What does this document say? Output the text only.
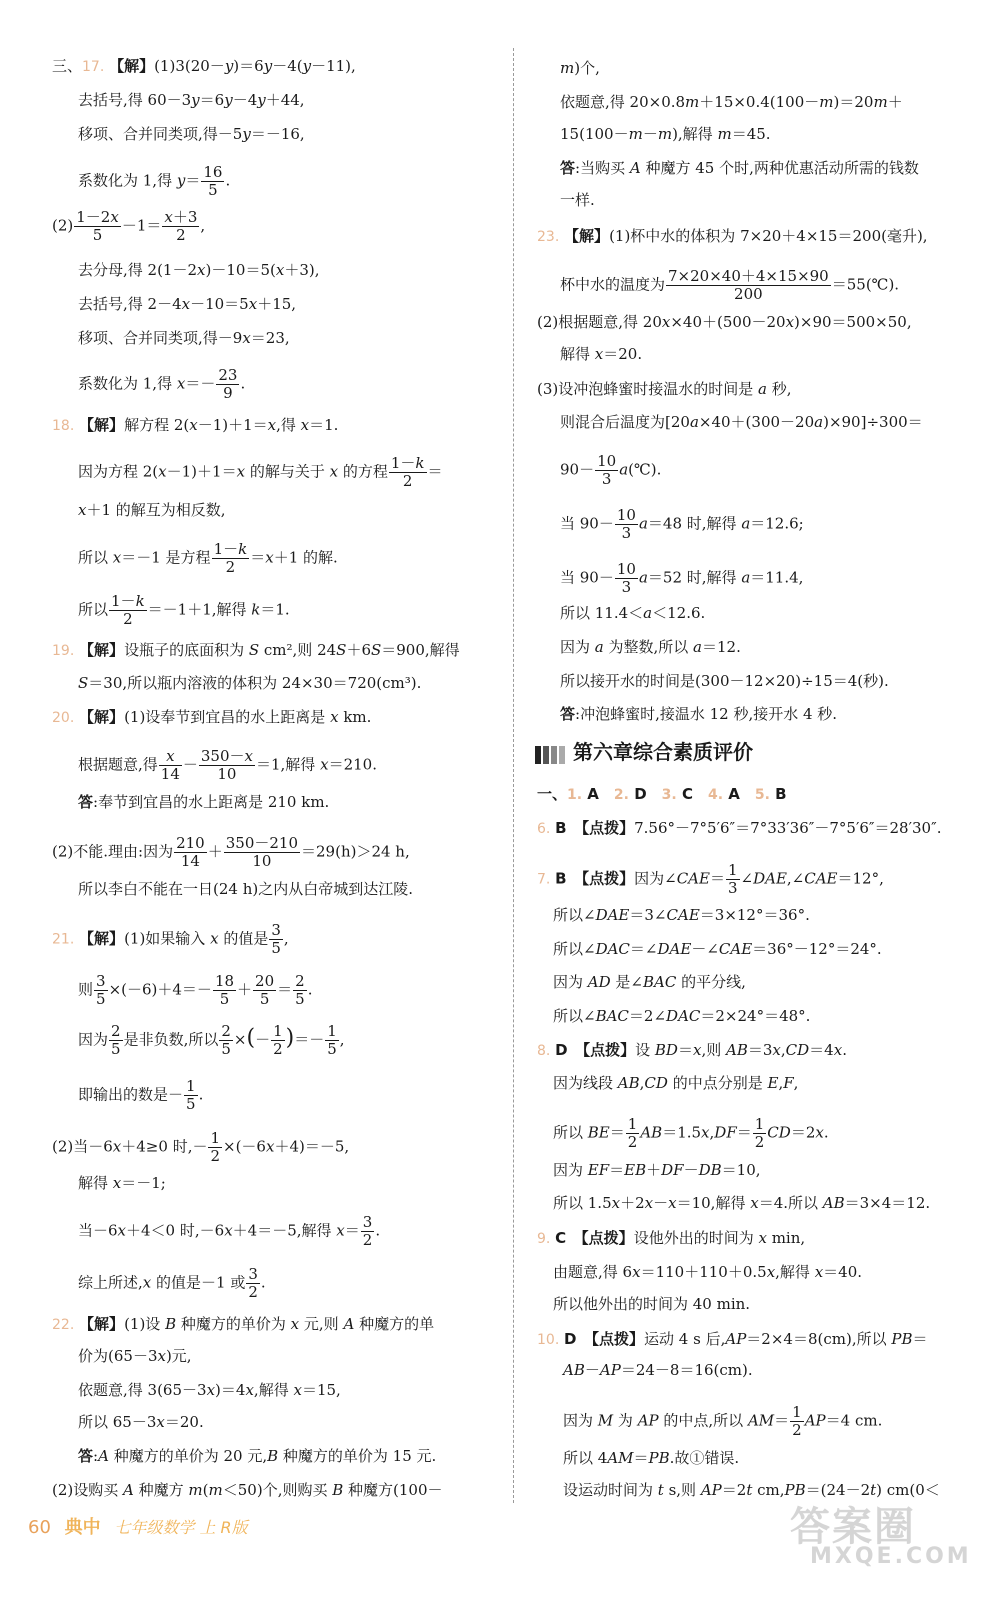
三、17. 【解】(1)3(20－y)＝6y－4(y－11),
去括号,得 60－3y＝6y－4y＋44,
移项、合并同类项,得－5y＝－16,
系数化为 1,得 $y= \frac{16}{5}$ .
$(2) \frac{1-2x}{5} -1= \frac{x+3}{2}$ ,
去分母,得 2(1－2x)－10＝5(x＋3),
去括号,得 2－4x－10＝5x＋15,
移项、合并同类项,得－9x＝23,
系数化为 1,得 $x=- \frac{23}{9}$ .
18. 【解】解方程 2(x－1)＋1＝x,得 x＝1.
因为方程 2(x－1)＋1＝x 的解与关于 x 的方程 $\frac{1-k}{2}$ ＝
x＋1 的解互为相反数,
所以 x＝－1 是方程 $\frac{1-k}{2} =x+1$ 的解.
所以 $\frac{1-k}{2} =-1+1$,解得 k＝1.
19. 【解】设瓶子的底面积为 S cm²,则 24S＋6S＝900,解得
S＝30,所以瓶内溶液的体积为 24×30＝720(cm³).
20. 【解】(1)设奉节到宜昌的水上距离是 x km.
根据题意,得 $\frac{x}{14} - \frac{350-x}{10} =1$,解得 x＝210.
答:奉节到宜昌的水上距离是 210 km.
(2)不能.理由:因为 $\frac{210}{14} + \frac{350-210}{10} =29(h)>24$ h,
所以李白不能在一日(24 h)之内从白帝城到达江陵.
21. 【解】(1)如果输入 x 的值是 $\frac{3}{5}$ ,
则 $\frac{3}{5} \times(-6)+4=- \frac{18}{5} + \frac{20}{5} = \frac{2}{5}$ .
因为 $\frac{2}{5}$ 是非负数,所以 $\frac{2}{5}$ ×(－ $\frac{1}{2}$ )＝－ $\frac{1}{5}$ ,
即输出的数是－ $\frac{1}{5}$ .
(2)当－6x＋4≥0 时,－ $\frac{1}{2} \times(-6x+4)=-5$,
解得 x＝－1;
当－6x＋4＜0 时,－6x＋4＝－5,解得 $x= \frac{3}{2}$ .
综上所述,x 的值是－1 或 $\frac{3}{2}$ .
22. 【解】(1)设 B 种魔方的单价为 x 元,则 A 种魔方的单
价为(65－3x)元,
依题意,得 3(65－3x)＝4x,解得 x＝15,
所以 65－3x＝20.
答:A 种魔方的单价为 20 元,B 种魔方的单价为 15 元.
(2)设购买 A 种魔方 m(m＜50)个,则购买 B 种魔方(100－
m)个,
依题意,得 20×0.8m＋15×0.4(100－m)＝20m＋
15(100－m－m),解得 m＝45.
答:当购买 A 种魔方 45 个时,两种优惠活动所需的钱数
一样.
23. 【解】(1)杯中水的体积为 7×20＋4×15＝200(毫升),
杯中水的温度为 $\frac{7\times 20\times 40+4\times 15\times 90}{200}$ ＝55(℃).
(2)根据题意,得 20x×40＋(500－20x)×90＝500×50,
解得 x＝20.
(3)设冲泡蜂蜜时接温水的时间是 a 秒,
则混合后温度为[20a×40＋(300－20a)×90]÷300＝
$90- \frac{10}{3}$ a(℃).
当 $90- \frac{10}{3} a=48$ 时,解得 a＝12.6;
当 $90- \frac{10}{3} a=52$ 时,解得 a＝11.4,
所以 11.4＜a＜12.6.
因为 a 为整数,所以 a＝12.
所以接开水的时间是(300－12×20)÷15＝4(秒).
答:冲泡蜂蜜时,接温水 12 秒,接开水 4 秒.
一、1. A　2. D　3. C　4. A　5. B
6. B　 【点拨】7.56°－7°5′6″＝7°33′36″－7°5′6″＝28′30″.
7. B　 【点拨】因为∠CAE＝ $\frac{1}{3}$ ∠DAE,∠CAE＝12°,
所以∠DAE＝3∠CAE＝3×12°＝36°.
所以∠DAC＝∠DAE－∠CAE＝36°－12°＝24°.
因为 AD 是∠BAC 的平分线,
所以∠BAC＝2∠DAC＝2×24°＝48°.
8. D　 【点拨】设 BD＝x,则 AB＝3x,CD＝4x.
因为线段 AB,CD 的中点分别是 E,F,
所以 $BE= \frac{1}{2} AB=1.5x,DF= \frac{1}{2} CD=2x$.
因为 EF＝EB＋DF－DB＝10,
所以 1.5x＋2x－x＝10,解得 x＝4.所以 AB＝3×4＝12.
9. C　 【点拨】设他外出的时间为 x min,
由题意,得 6x＝110＋110＋0.5x,解得 x＝40.
所以他外出的时间为 40 min.
10. D　 【点拨】运动 4 s 后,AP＝2×4＝8(cm),所以 PB＝
AB－AP＝24－8＝16(cm).
因为 M 为 AP 的中点,所以 $AM= \frac{1}{2} AP=4$ cm.
所以 4AM＝PB.故①错误.
设运动时间为 t s,则 AP＝2t cm,PB＝(24－2t) cm(0＜
第六章综合素质评价
60 典中 七年级数学 上 R版	答案圈
MXQE.COM
